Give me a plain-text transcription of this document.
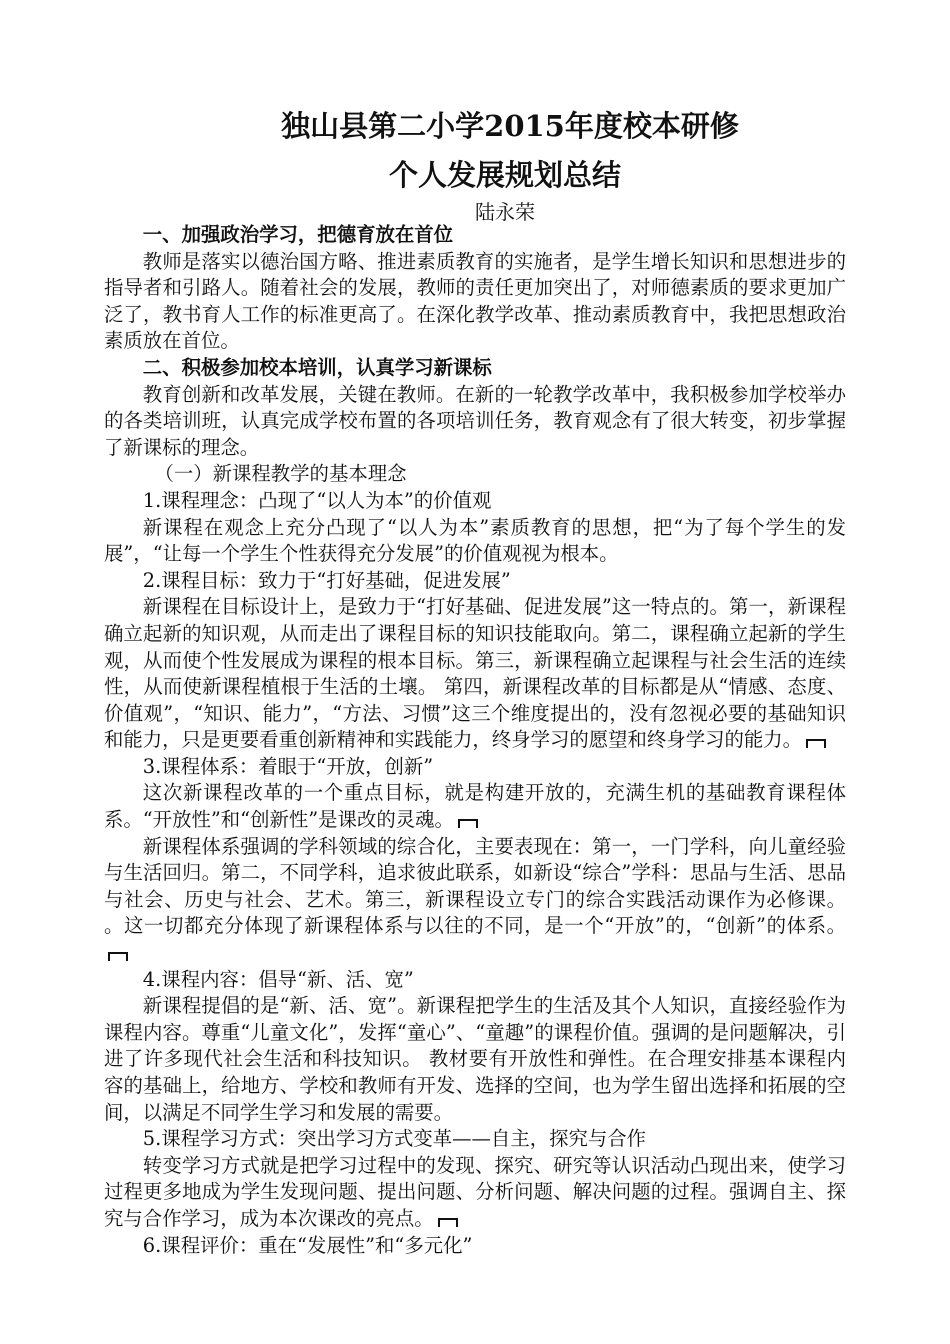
独山县第二小学2015年度校本研修
个人发展规划总结
陆永荣

一、加强政治学习，把德育放在首位

教师是落实以德治国方略、推进素质教育的实施者，是学生增长知识和思想进步的指导者和引路人。随着社会的发展，教师的责任更加突出了，对师德素质的要求更加广泛了，教书育人工作的标准更高了。在深化教学改革、推动素质教育中，我把思想政治素质放在首位。

二、积极参加校本培训，认真学习新课标

教育创新和改革发展，关键在教师。在新的一轮教学改革中，我积极参加学校举办的各类培训班，认真完成学校布置的各项培训任务，教育观念有了很大转变，初步掌握了新课标的理念。

（一）新课程教学的基本理念

1.课程理念：凸现了“以人为本”的价值观

新课程在观念上充分凸现了“以人为本”素质教育的思想，把“为了每个学生的发展”，“让每一个学生个性获得充分发展”的价值观视为根本。

2.课程目标：致力于“打好基础，促进发展”

新课程在目标设计上，是致力于“打好基础、促进发展”这一特点的。第一，新课程确立起新的知识观，从而走出了课程目标的知识技能取向。第二，课程确立起新的学生观，从而使个性发展成为课程的根本目标。第三，新课程确立起课程与社会生活的连续性，从而使新课程植根于生活的土壤。 第四，新课程改革的目标都是从“情感、态度、价值观”，“知识、能力”，“方法、习惯”这三个维度提出的，没有忽视必要的基础知识和能力，只是更要看重创新精神和实践能力，终身学习的愿望和终身学习的能力。

3.课程体系：着眼于“开放，创新”

这次新课程改革的一个重点目标，就是构建开放的，充满生机的基础教育课程体系。“开放性”和“创新性”是课改的灵魂。

新课程体系强调的学科领域的综合化，主要表现在：第一，一门学科，向儿童经验与生活回归。第二，不同学科，追求彼此联系，如新设“综合”学科：思品与生活、思品与社会、历史与社会、艺术。第三，新课程设立专门的综合实践活动课作为必修课。 。这一切都充分体现了新课程体系与以往的不同，是一个“开放”的，“创新”的体系。

4.课程内容：倡导“新、活、宽”

新课程提倡的是“新、活、宽”。新课程把学生的生活及其个人知识，直接经验作为课程内容。尊重“儿童文化”，发挥“童心”、“童趣”的课程价值。强调的是问题解决，引进了许多现代社会生活和科技知识。 教材要有开放性和弹性。在合理安排基本课程内容的基础上，给地方、学校和教师有开发、选择的空间，也为学生留出选择和拓展的空间，以满足不同学生学习和发展的需要。

5.课程学习方式：突出学习方式变革——自主，探究与合作

转变学习方式就是把学习过程中的发现、探究、研究等认识活动凸现出来，使学习过程更多地成为学生发现问题、提出问题、分析问题、解决问题的过程。强调自主、探究与合作学习，成为本次课改的亮点。

6.课程评价：重在“发展性”和“多元化”
